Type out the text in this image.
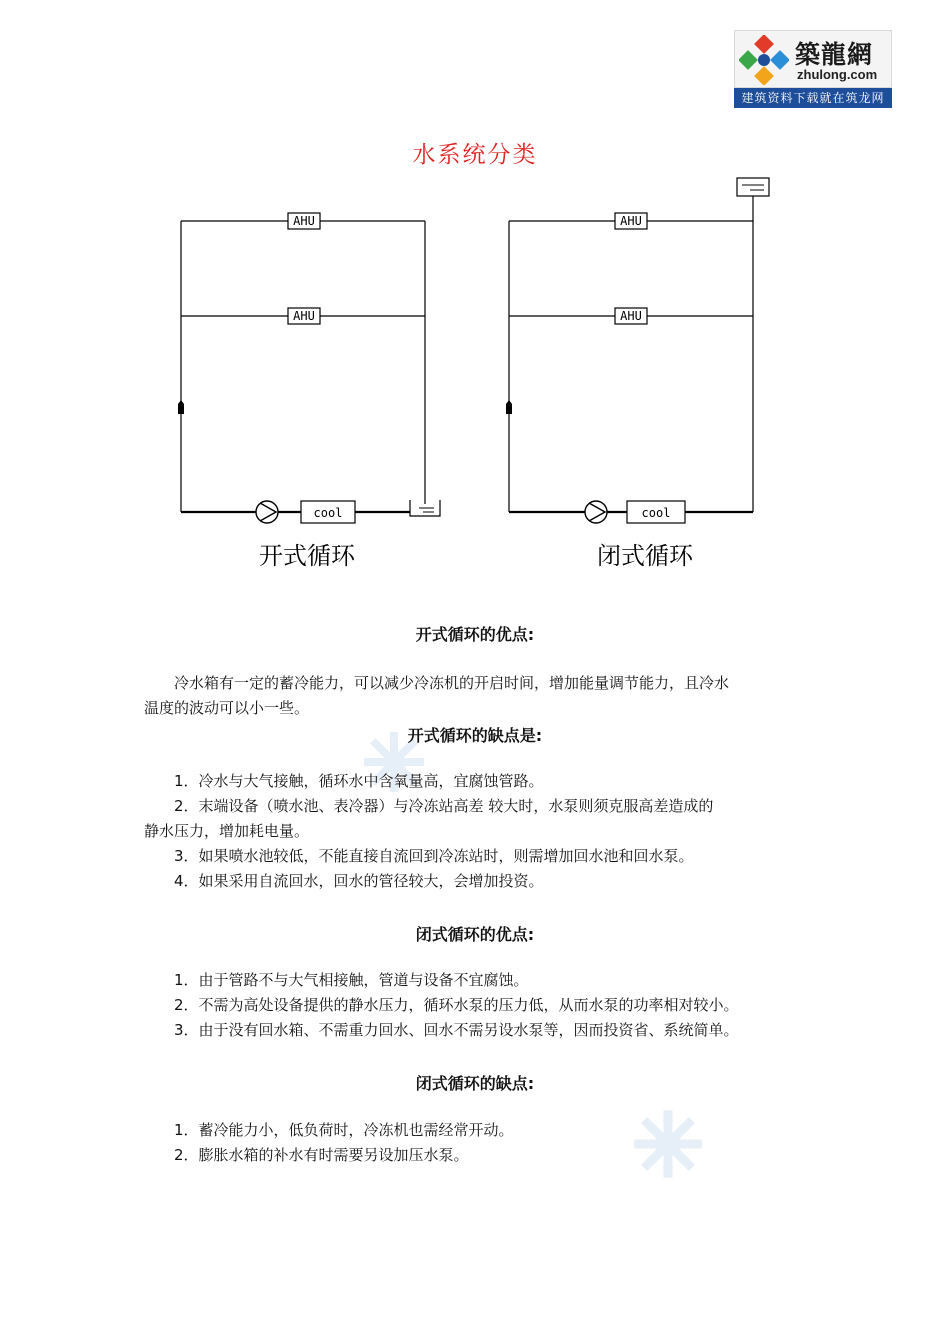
築龍網
zhulong.com
建筑资料下载就在筑龙网
水系统分类
AHU
AHU
cool
开式循环
AHU
AHU
cool
闭式循环
开式循环的优点:
冷水箱有一定的蓄冷能力，可以减少冷冻机的开启时间，增加能量调节能力，且冷水
温度的波动可以小一些。
开式循环的缺点是:
1．冷水与大气接触，循环水中含氧量高，宜腐蚀管路。
2．末端设备（喷水池、表冷器）与冷冻站高差 较大时，水泵则须克服高差造成的
静水压力，增加耗电量。
3．如果喷水池较低，不能直接自流回到冷冻站时，则需增加回水池和回水泵。
4．如果采用自流回水，回水的管径较大，会增加投资。
闭式循环的优点:
1．由于管路不与大气相接触，管道与设备不宜腐蚀。
2．不需为高处设备提供的静水压力，循环水泵的压力低，从而水泵的功率相对较小。
3．由于没有回水箱、不需重力回水、回水不需另设水泵等，因而投资省、系统简单。
闭式循环的缺点:
1．蓄冷能力小，低负荷时，冷冻机也需经常开动。
2．膨胀水箱的补水有时需要另设加压水泵。
